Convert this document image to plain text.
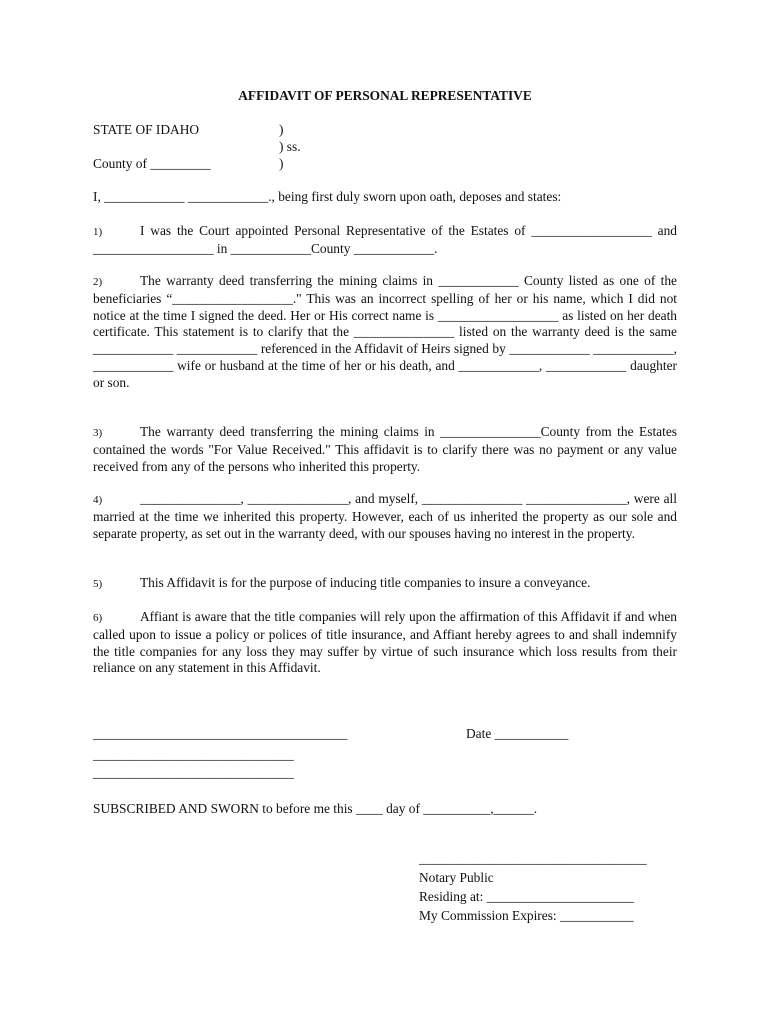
AFFIDAVIT OF PERSONAL REPRESENTATIVE
STATE OF IDAHO	)
) ss.
County of _________	)
I, ____________ ____________., being first duly sworn upon oath, deposes and states:
1)	I was the Court appointed Personal Representative of the Estates of __________________ and __________________ in ____________County ____________.
2)	The warranty deed transferring the mining claims in ____________ County listed as one of the beneficiaries “__________________." This was an incorrect spelling of her or his name, which I did not notice at the time I signed the deed. Her or His correct name is __________________ as listed on her death certificate. This statement is to clarify that the _______________ listed on the warranty deed is the same ____________ ____________ referenced in the Affidavit of Heirs signed by ____________ ____________, ____________ wife or husband at the time of her or his death, and ____________, ____________ daughter or son.
3)	The warranty deed transferring the mining claims in _______________County from the Estates contained the words "For Value Received." This affidavit is to clarify there was no payment or any value received from any of the persons who inherited this property.
4)	_______________, _______________, and myself, _______________ _______________, were all married at the time we inherited this property. However, each of us inherited the property as our sole and separate property, as set out in the warranty deed, with our spouses having no interest in the property.
5)	This Affidavit is for the purpose of inducing title companies to insure a conveyance.
6)	Affiant is aware that the title companies will rely upon the affirmation of this Affidavit if and when called upon to issue a policy or polices of title insurance, and Affiant hereby agrees to and shall indemnify the title companies for any loss they may suffer by virtue of such insurance which loss results from their reliance on any statement in this Affidavit.
______________________________________	Date ___________
______________________________
______________________________
SUBSCRIBED AND SWORN to before me this ____ day of __________,______.
__________________________________
Notary Public
Residing at: ______________________
My Commission Expires: ___________
